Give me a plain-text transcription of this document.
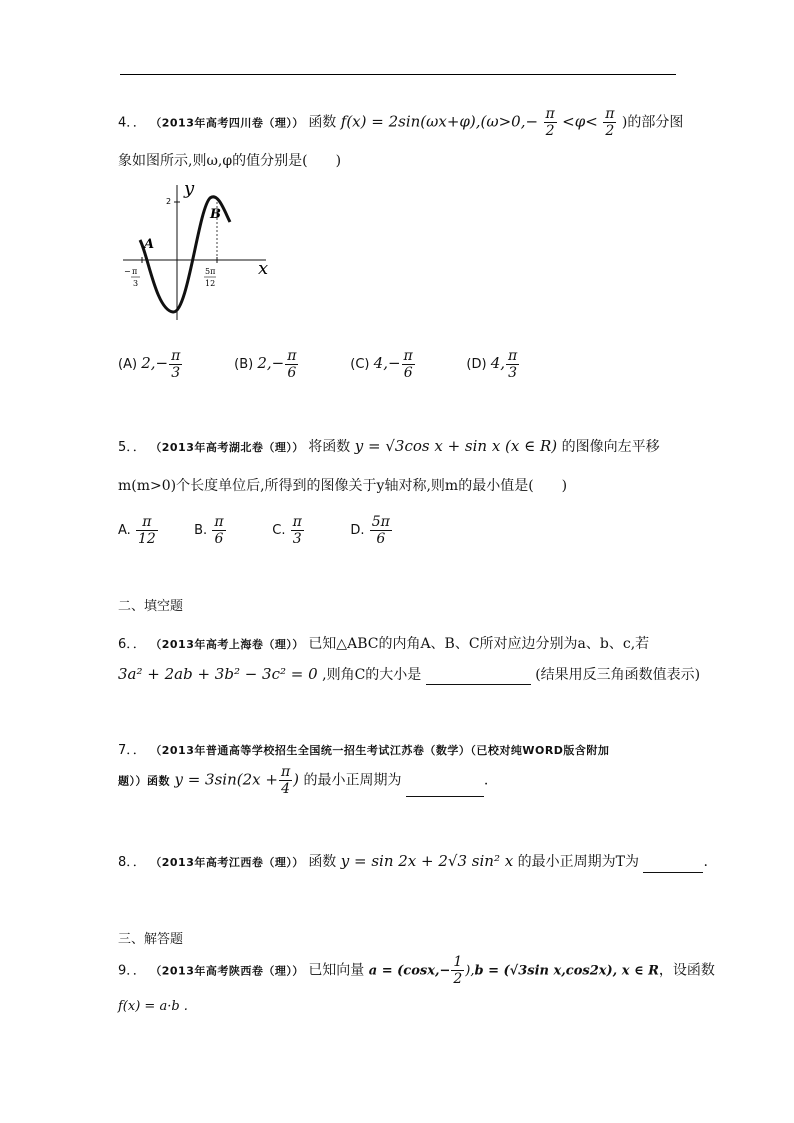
4．． （2013年高考四川卷（理）） 函数 $f(x) = 2\sin(\omega x+\varphi),(\omega>0,- \frac{\pi}{2} <\varphi< \frac{\pi}{2}$ )的部分图
象如图所示,则ω,φ的值分别是(　　)
y
x
A
B
2
− π
3
5π
12
(A) $2,- \frac{\pi}{3}$	(B) $2,- \frac{\pi}{6}$	(C) $4,- \frac{\pi}{6}$	(D) 4, $\frac{\pi}{3}$
5．． （2013年高考湖北卷（理）） 将函数 y = √3cos x + sin x (x ∈ R) 的图像向左平移
m(m>0)个长度单位后,所得到的图像关于y轴对称,则m的最小值是(　　)
A. $\frac{\pi}{12}$	B. $\frac{\pi}{6}$	C. $\frac{\pi}{3}$	D. $\frac{5\pi}{6}$
二、填空题
6．． （2013年高考上海卷（理）） 已知△ABC的内角A、B、C所对应边分别为a、b、c,若
3a² + 2ab + 3b² − 3c² = 0 ,则角C的大小是	(结果用反三角函数值表示)
7．． （2013年普通高等学校招生全国统一招生考试江苏卷（数学）（已校对纯WORD版含附加
题））函数 $y = 3\sin(2x + \frac{\pi}{4}$ ) 的最小正周期为	.
8．． （2013年高考江西卷（理）） 函数 y = sin 2x + 2√3 sin² x 的最小正周期为T为	.
三、解答题
9．． （2013年高考陕西卷（理）） 已知向量 $a = (\cos x,- \frac{1}{2} ),b = (√3\sin$ x,cos2x), x ∈ R，设函数
f(x) = a·b .
